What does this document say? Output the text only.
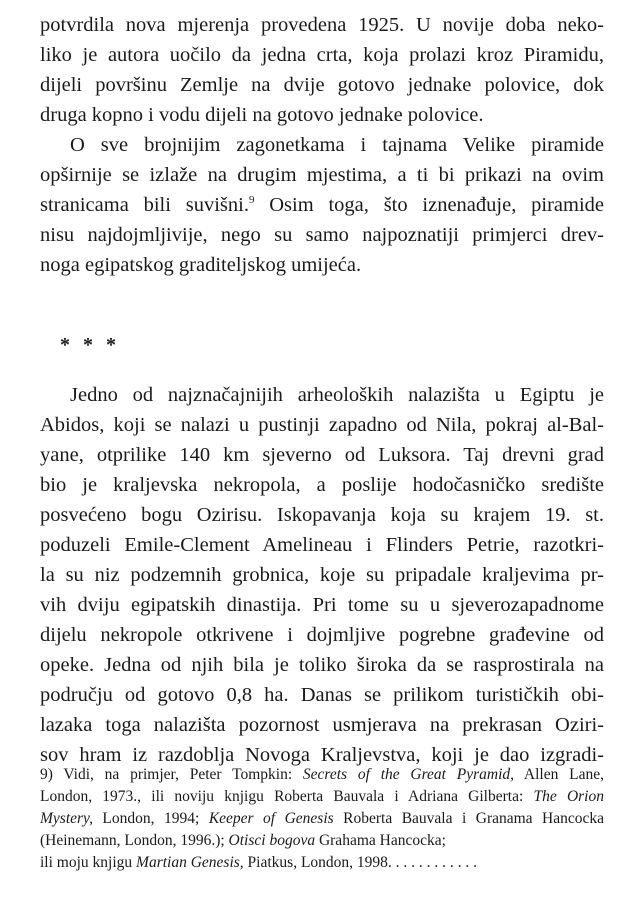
potvrdila nova mjerenja provedena 1925. U novije doba neko-
liko je autora uočilo da jedna crta, koja prolazi kroz Piramidu,
dijeli površinu Zemlje na dvije gotovo jednake polovice, dok
druga kopno i vodu dijeli na gotovo jednake polovice.
O sve brojnijim zagonetkama i tajnama Velike piramide
opširnije se izlaže na drugim mjestima, a ti bi prikazi na ovim
stranicama bili suvišni.$^9$ Osim toga, što iznenađuje, piramide
nisu najdojmljivije, nego su samo najpoznatiji primjerci drev-
noga egipatskog graditeljskog umijeća.
* * *
Jedno od najznačajnijih arheoloških nalazišta u Egiptu je
Abidos, koji se nalazi u pustinji zapadno od Nila, pokraj al-Bal-
yane, otprilike 140 km sjeverno od Luksora. Taj drevni grad
bio je kraljevska nekropola, a poslije hodočasničko središte
posvećeno bogu Ozirisu. Iskopavanja koja su krajem 19. st.
poduzeli Emile-Clement Amelineau i Flinders Petrie, razotkri-
la su niz podzemnih grobnica, koje su pripadale kraljevima pr-
vih dviju egipatskih dinastija. Pri tome su u sjeverozapadnome
dijelu nekropole otkrivene i dojmljive pogrebne građevine od
opeke. Jedna od njih bila je toliko široka da se rasprostirala na
području od gotovo 0,8 ha. Danas se prilikom turističkih obi-
lazaka toga nalazišta pozornost usmjerava na prekrasan Oziri-
sov hram iz razdoblja Novoga Kraljevstva, koji je dao izgradi-
9) Vidi, na primjer, Peter Tompkin: Secrets of the Great Pyramid, Allen Lane,
London, 1973., ili noviju knjigu Roberta Bauvala i Adriana Gilberta: The Orion
Mystery, London, 1994; Keeper of Genesis Roberta Bauvala i Granama Hancocka
(Heinemann, London, 1996.); Otisci bogova Grahama Hancocka;
ili moju knjigu Martian Genesis, Piatkus, London, 1998. . . . . . . . . . . .
